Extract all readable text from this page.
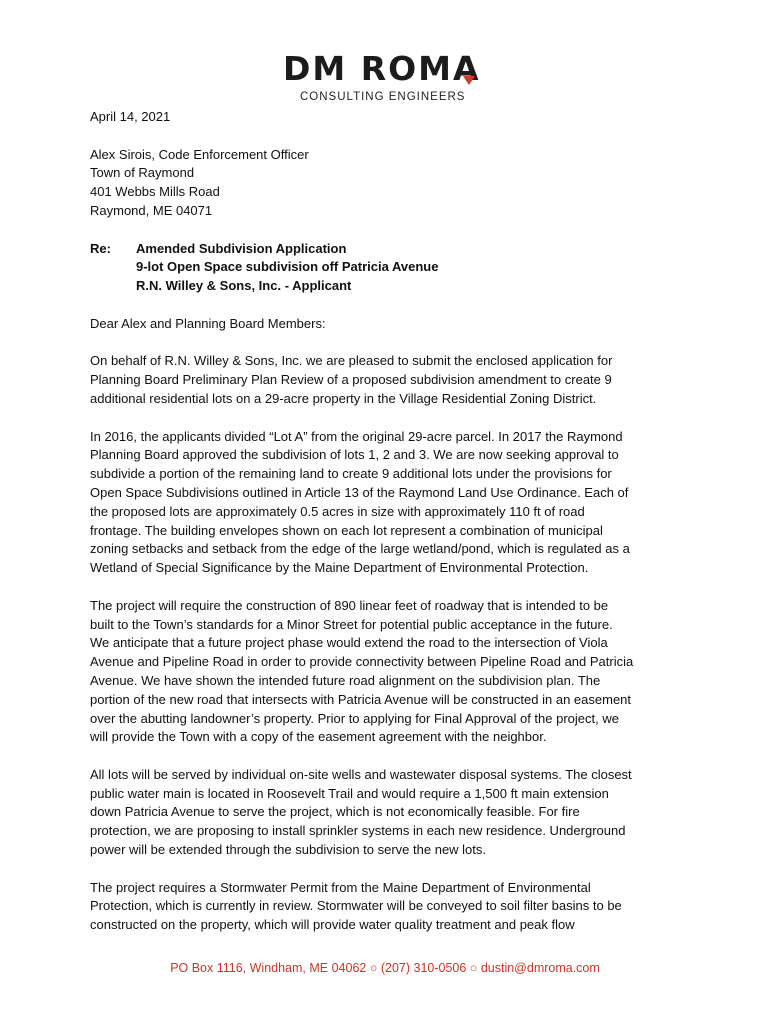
DM ROMA
CONSULTING ENGINEERS
April 14, 2021
Alex Sirois, Code Enforcement Officer
Town of Raymond
401 Webbs Mills Road
Raymond, ME 04071
Re:	Amended Subdivision Application
9-lot Open Space subdivision off Patricia Avenue
R.N. Willey & Sons, Inc. - Applicant
Dear Alex and Planning Board Members:
On behalf of R.N. Willey & Sons, Inc. we are pleased to submit the enclosed application for
Planning Board Preliminary Plan Review of a proposed subdivision amendment to create 9
additional residential lots on a 29-acre property in the Village Residential Zoning District.
In 2016, the applicants divided “Lot A” from the original 29-acre parcel. In 2017 the Raymond
Planning Board approved the subdivision of lots 1, 2 and 3. We are now seeking approval to
subdivide a portion of the remaining land to create 9 additional lots under the provisions for
Open Space Subdivisions outlined in Article 13 of the Raymond Land Use Ordinance. Each of
the proposed lots are approximately 0.5 acres in size with approximately 110 ft of road
frontage. The building envelopes shown on each lot represent a combination of municipal
zoning setbacks and setback from the edge of the large wetland/pond, which is regulated as a
Wetland of Special Significance by the Maine Department of Environmental Protection.
The project will require the construction of 890 linear feet of roadway that is intended to be
built to the Town’s standards for a Minor Street for potential public acceptance in the future.
We anticipate that a future project phase would extend the road to the intersection of Viola
Avenue and Pipeline Road in order to provide connectivity between Pipeline Road and Patricia
Avenue. We have shown the intended future road alignment on the subdivision plan. The
portion of the new road that intersects with Patricia Avenue will be constructed in an easement
over the abutting landowner’s property. Prior to applying for Final Approval of the project, we
will provide the Town with a copy of the easement agreement with the neighbor.
All lots will be served by individual on-site wells and wastewater disposal systems. The closest
public water main is located in Roosevelt Trail and would require a 1,500 ft main extension
down Patricia Avenue to serve the project, which is not economically feasible. For fire
protection, we are proposing to install sprinkler systems in each new residence. Underground
power will be extended through the subdivision to serve the new lots.
The project requires a Stormwater Permit from the Maine Department of Environmental
Protection, which is currently in review. Stormwater will be conveyed to soil filter basins to be
constructed on the property, which will provide water quality treatment and peak flow
PO Box 1116, Windham, ME 04062 ○ (207) 310-0506 ○ dustin@dmroma.com
